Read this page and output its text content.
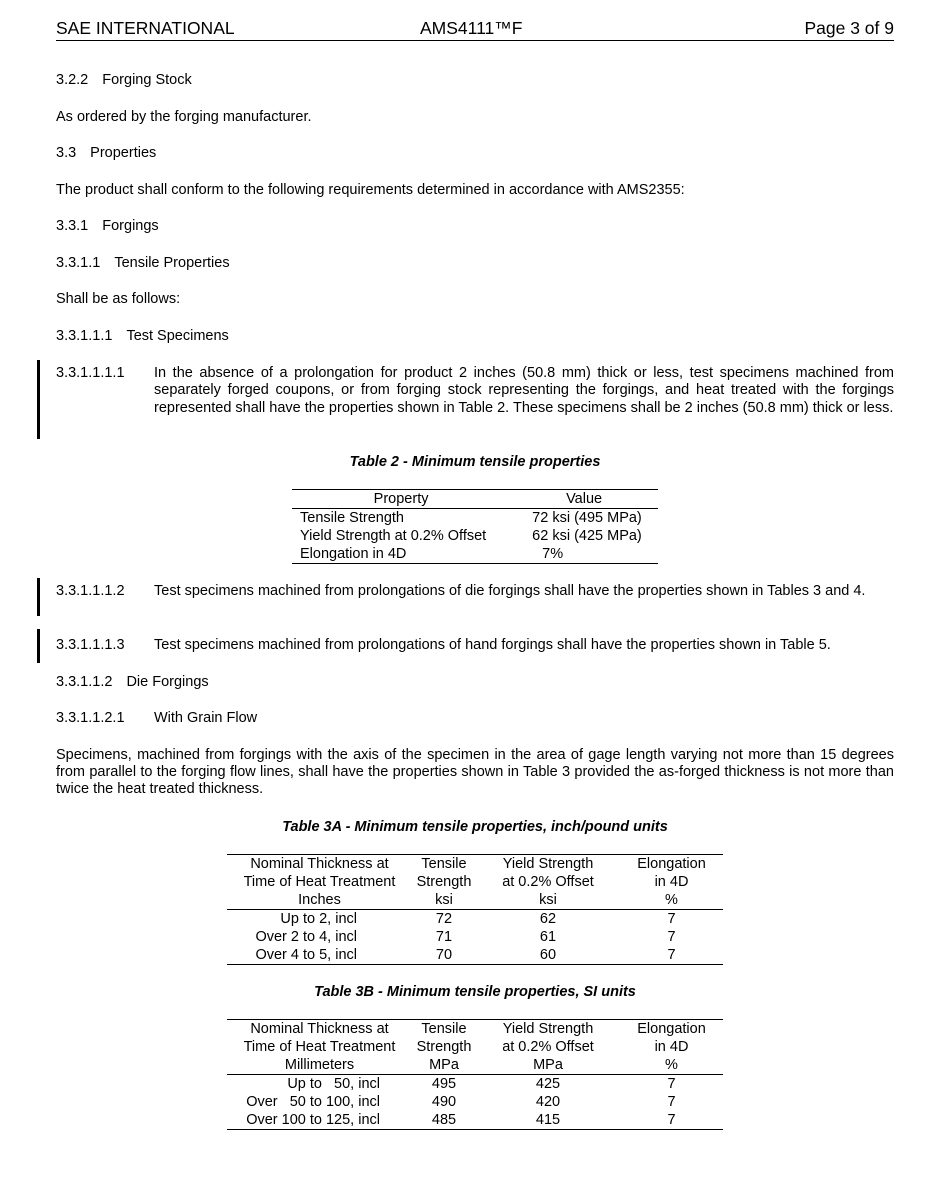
SAE INTERNATIONAL	AMS4111™F	Page 3 of 9
3.2.2 Forging Stock
As ordered by the forging manufacturer.
3.3 Properties
The product shall conform to the following requirements determined in accordance with AMS2355:
3.3.1 Forgings
3.3.1.1 Tensile Properties
Shall be as follows:
3.3.1.1.1 Test Specimens
3.3.1.1.1.1 In the absence of a prolongation for product 2 inches (50.8 mm) thick or less, test specimens machined from separately forged coupons, or from forging stock representing the forgings, and heat treated with the forgings represented shall have the properties shown in Table 2. These specimens shall be 2 inches (50.8 mm) thick or less.
Table 2 - Minimum tensile properties
Property	Value
Tensile Strength	72 ksi (495 MPa)
Yield Strength at 0.2% Offset	62 ksi (425 MPa)
Elongation in 4D	7%
3.3.1.1.1.2 Test specimens machined from prolongations of die forgings shall have the properties shown in Tables 3 and 4.
3.3.1.1.1.3 Test specimens machined from prolongations of hand forgings shall have the properties shown in Table 5.
3.3.1.1.2 Die Forgings
3.3.1.1.2.1 With Grain Flow
Specimens, machined from forgings with the axis of the specimen in the area of gage length varying not more than 15 degrees from parallel to the forging flow lines, shall have the properties shown in Table 3 provided the as-forged thickness is not more than twice the heat treated thickness.
Table 3A - Minimum tensile properties, inch/pound units
Nominal Thickness at	Tensile	Yield Strength	Elongation
Time of Heat Treatment	Strength	at 0.2% Offset	in 4D
Inches	ksi	ksi	%
Up to 2, incl	72	62	7
Over 2 to 4, incl	71	61	7
Over 4 to 5, incl	70	60	7
Table 3B - Minimum tensile properties, SI units
Nominal Thickness at	Tensile	Yield Strength	Elongation
Time of Heat Treatment	Strength	at 0.2% Offset	in 4D
Millimeters	MPa	MPa	%
Up to   50, incl	495	425	7
Over   50 to 100, incl	490	420	7
Over 100 to 125, incl	485	415	7
